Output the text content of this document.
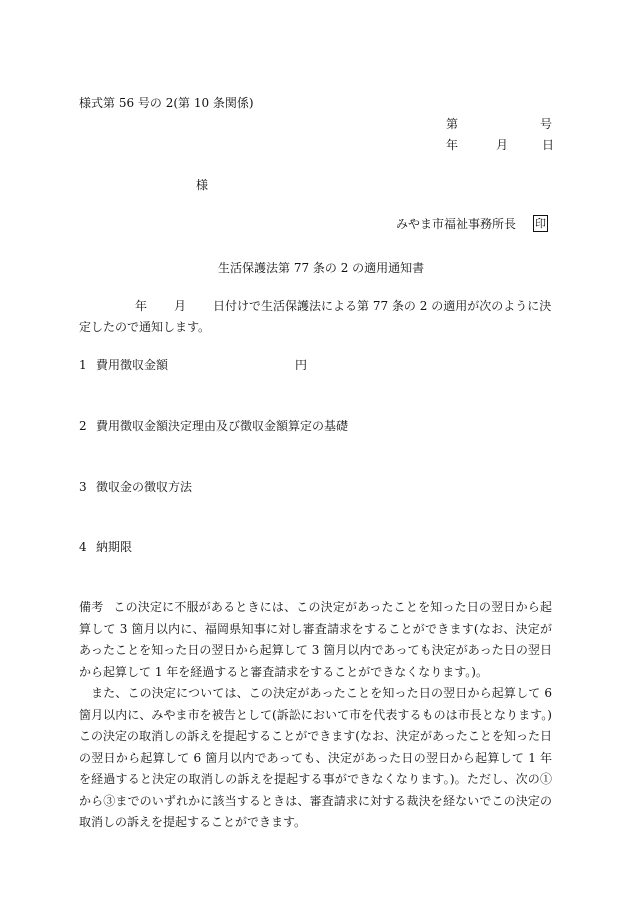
様式第 56 号の 2(第 10 条関係)
第	号
年	月	日
様
みやま市福祉事務所長 印
生活保護法第 77 条の 2 の適用通知書
年 月 日付けで生活保護法による第 77 条の 2 の適用が次のように決定したので通知します。
1 費用徴収金額	円
2 費用徴収金額決定理由及び徴収金額算定の基礎
3 徴収金の徴収方法
4 納期限

備考 この決定に不服があるときには、この決定があったことを知った日の翌日から起算して 3 箇月以内に、福岡県知事に対し審査請求をすることができます(なお、決定があったことを知った日の翌日から起算して 3 箇月以内であっても決定があった日の翌日から起算して 1 年を経過すると審査請求をすることができなくなります。)。

また、この決定については、この決定があったことを知った日の翌日から起算して 6 箇月以内に、みやま市を被告として(訴訟において市を代表するものは市長となります。)この決定の取消しの訴えを提起することができます(なお、決定があったことを知った日の翌日から起算して 6 箇月以内であっても、決定があった日の翌日から起算して 1 年を経過すると決定の取消しの訴えを提起する事ができなくなります。)。ただし、次の①から③までのいずれかに該当するときは、審査請求に対する裁決を経ないでこの決定の取消しの訴えを提起することができます。
